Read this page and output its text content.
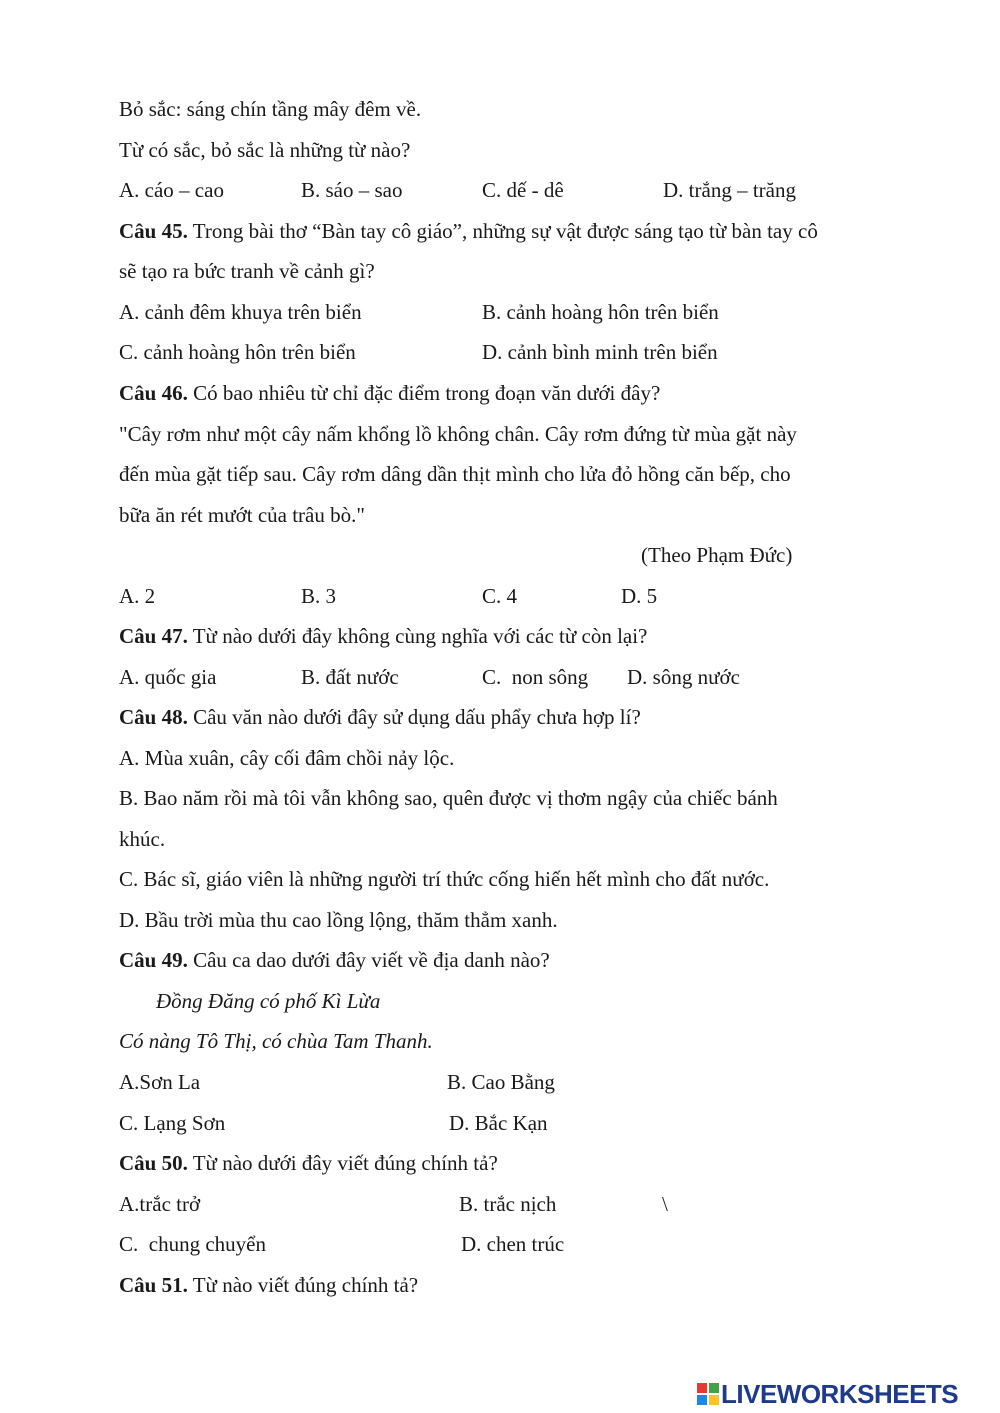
Bỏ sắc: sáng chín tầng mây đêm về.
Từ có sắc, bỏ sắc là những từ nào?
A. cáo – cao	B. sáo – sao	C. dế - dê	D. trắng – trăng
Câu 45. Trong bài thơ “Bàn tay cô giáo”, những sự vật được sáng tạo từ bàn tay cô
sẽ tạo ra bức tranh về cảnh gì?
A. cảnh đêm khuya trên biển	B. cảnh hoàng hôn trên biển
C. cảnh hoàng hôn trên biển	D. cảnh bình minh trên biển
Câu 46. Có bao nhiêu từ chỉ đặc điểm trong đoạn văn dưới đây?
"Cây rơm như một cây nấm khổng lồ không chân. Cây rơm đứng từ mùa gặt này
đến mùa gặt tiếp sau. Cây rơm dâng dần thịt mình cho lửa đỏ hồng căn bếp, cho
bữa ăn rét mướt của trâu bò."
(Theo Phạm Đức)
A. 2	B. 3	C. 4	D. 5
Câu 47. Từ nào dưới đây không cùng nghĩa với các từ còn lại?
A. quốc gia	B. đất nước	C.  non sông D. sông nước
Câu 48. Câu văn nào dưới đây sử dụng dấu phẩy chưa hợp lí?
A. Mùa xuân, cây cối đâm chồi nảy lộc.
B. Bao năm rồi mà tôi vẫn không sao, quên được vị thơm ngậy của chiếc bánh
khúc.
C. Bác sĩ, giáo viên là những người trí thức cống hiến hết mình cho đất nước.
D. Bầu trời mùa thu cao lồng lộng, thăm thẳm xanh.
Câu 49. Câu ca dao dưới đây viết về địa danh nào?
Đồng Đăng có phố Kì Lừa
Có nàng Tô Thị, có chùa Tam Thanh.
A.Sơn La	B. Cao Bằng
C. Lạng Sơn	D. Bắc Kạn
Câu 50. Từ nào dưới đây viết đúng chính tả?
A.trắc trở	B. trắc nịch	\
C.  chung chuyển	D. chen trúc
Câu 51. Từ nào viết đúng chính tả?
LIVEWORKSHEETS
